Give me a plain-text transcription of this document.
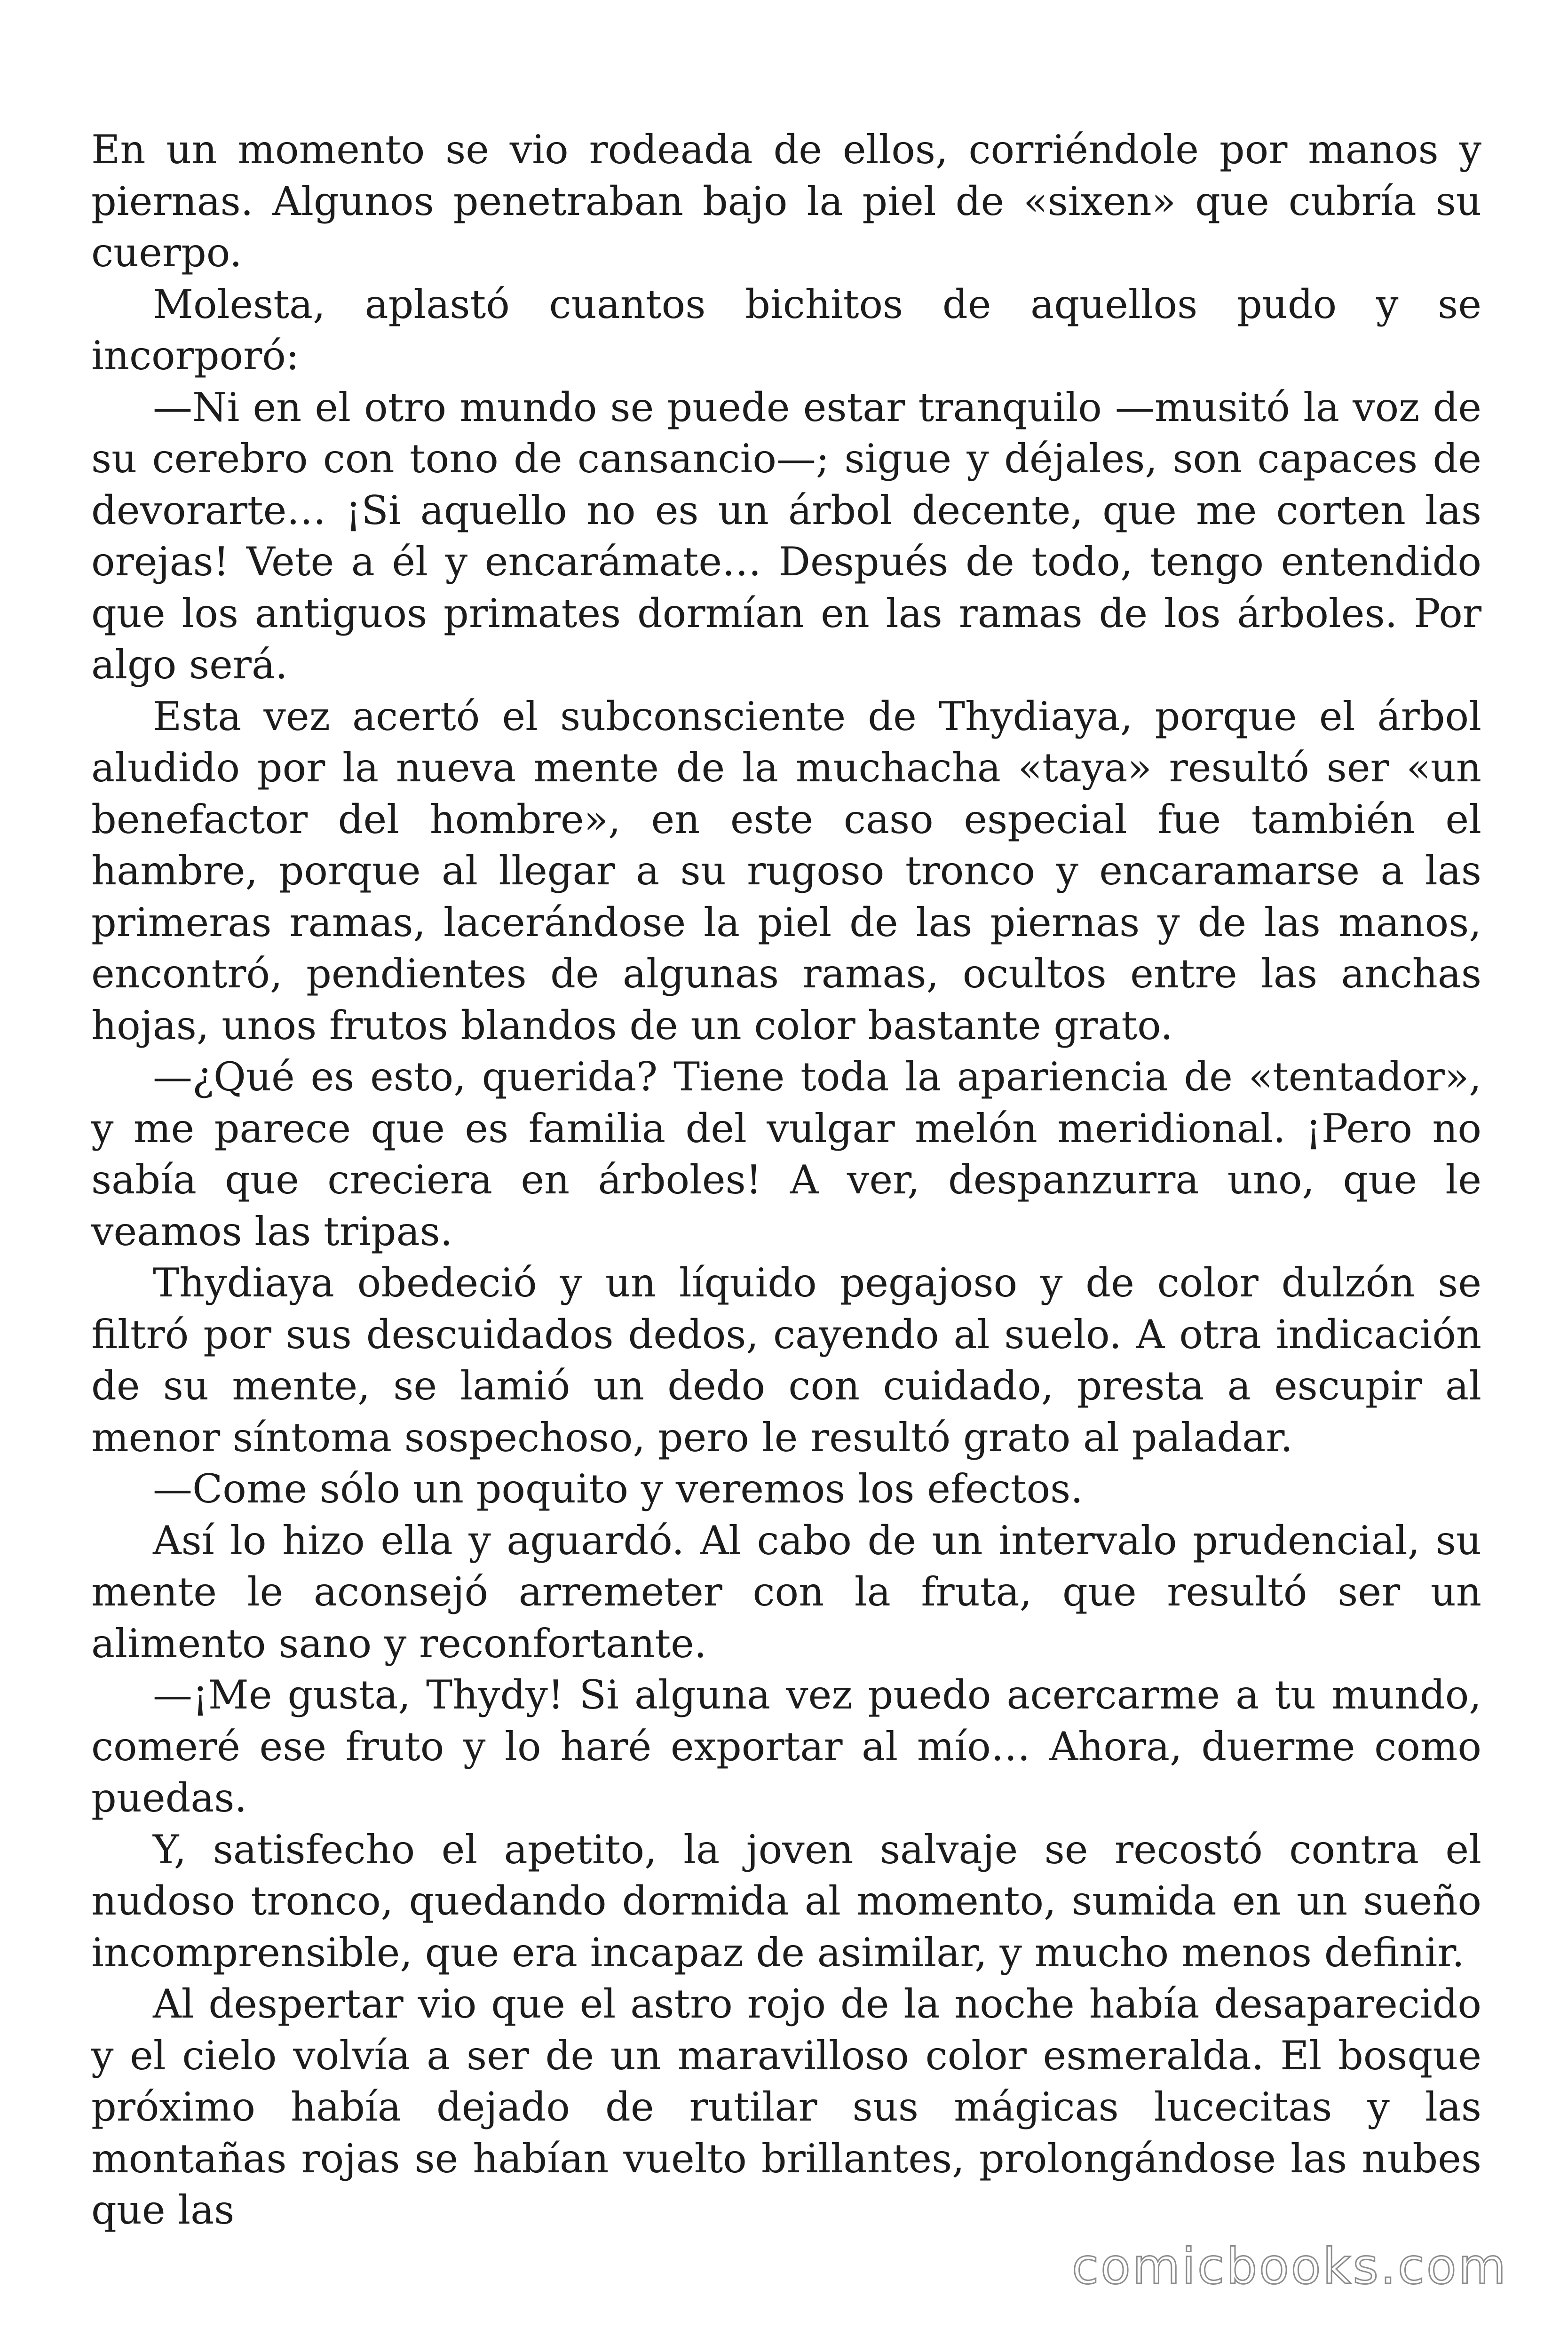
En un momento se vio rodeada de ellos, corriéndole por manos y piernas. Algunos penetraban bajo la piel de «sixen» que cubría su cuerpo.

Molesta, aplastó cuantos bichitos de aquellos pudo y se incorporó:

—Ni en el otro mundo se puede estar tranquilo —musitó la voz de su cerebro con tono de cansancio—; sigue y déjales, son capaces de devorarte… ¡Si aquello no es un árbol decente, que me corten las orejas! Vete a él y encarámate… Después de todo, tengo entendido que los antiguos primates dormían en las ramas de los árboles. Por algo será.

Esta vez acertó el subconsciente de Thydiaya, porque el árbol aludido por la nueva mente de la muchacha «taya» resultó ser «un benefactor del hombre», en este caso especial fue también el hambre, porque al llegar a su rugoso tronco y encaramarse a las primeras ramas, lacerándose la piel de las piernas y de las manos, encontró, pendientes de algunas ramas, ocultos entre las anchas hojas, unos frutos blandos de un color bastante grato.

—¿Qué es esto, querida? Tiene toda la apariencia de «tentador», y me parece que es familia del vulgar melón meridional. ¡Pero no sabía que creciera en árboles! A ver, despanzurra uno, que le veamos las tripas.

Thydiaya obedeció y un líquido pegajoso y de color dulzón se filtró por sus descuidados dedos, cayendo al suelo. A otra indicación de su mente, se lamió un dedo con cuidado, presta a escupir al menor síntoma sospechoso, pero le resultó grato al paladar.

—Come sólo un poquito y veremos los efectos.

Así lo hizo ella y aguardó. Al cabo de un intervalo prudencial, su mente le aconsejó arremeter con la fruta, que resultó ser un alimento sano y reconfortante.

—¡Me gusta, Thydy! Si alguna vez puedo acercarme a tu mundo, comeré ese fruto y lo haré exportar al mío… Ahora, duerme como puedas.

Y, satisfecho el apetito, la joven salvaje se recostó contra el nudoso tronco, quedando dormida al momento, sumida en un sueño incomprensible, que era incapaz de asimilar, y mucho menos definir.

Al despertar vio que el astro rojo de la noche había desaparecido y el cielo volvía a ser de un maravilloso color esmeralda. El bosque próximo había dejado de rutilar sus mágicas lucecitas y las montañas rojas se habían vuelto brillantes, prolongándose las nubes que las

comicbooks.com
